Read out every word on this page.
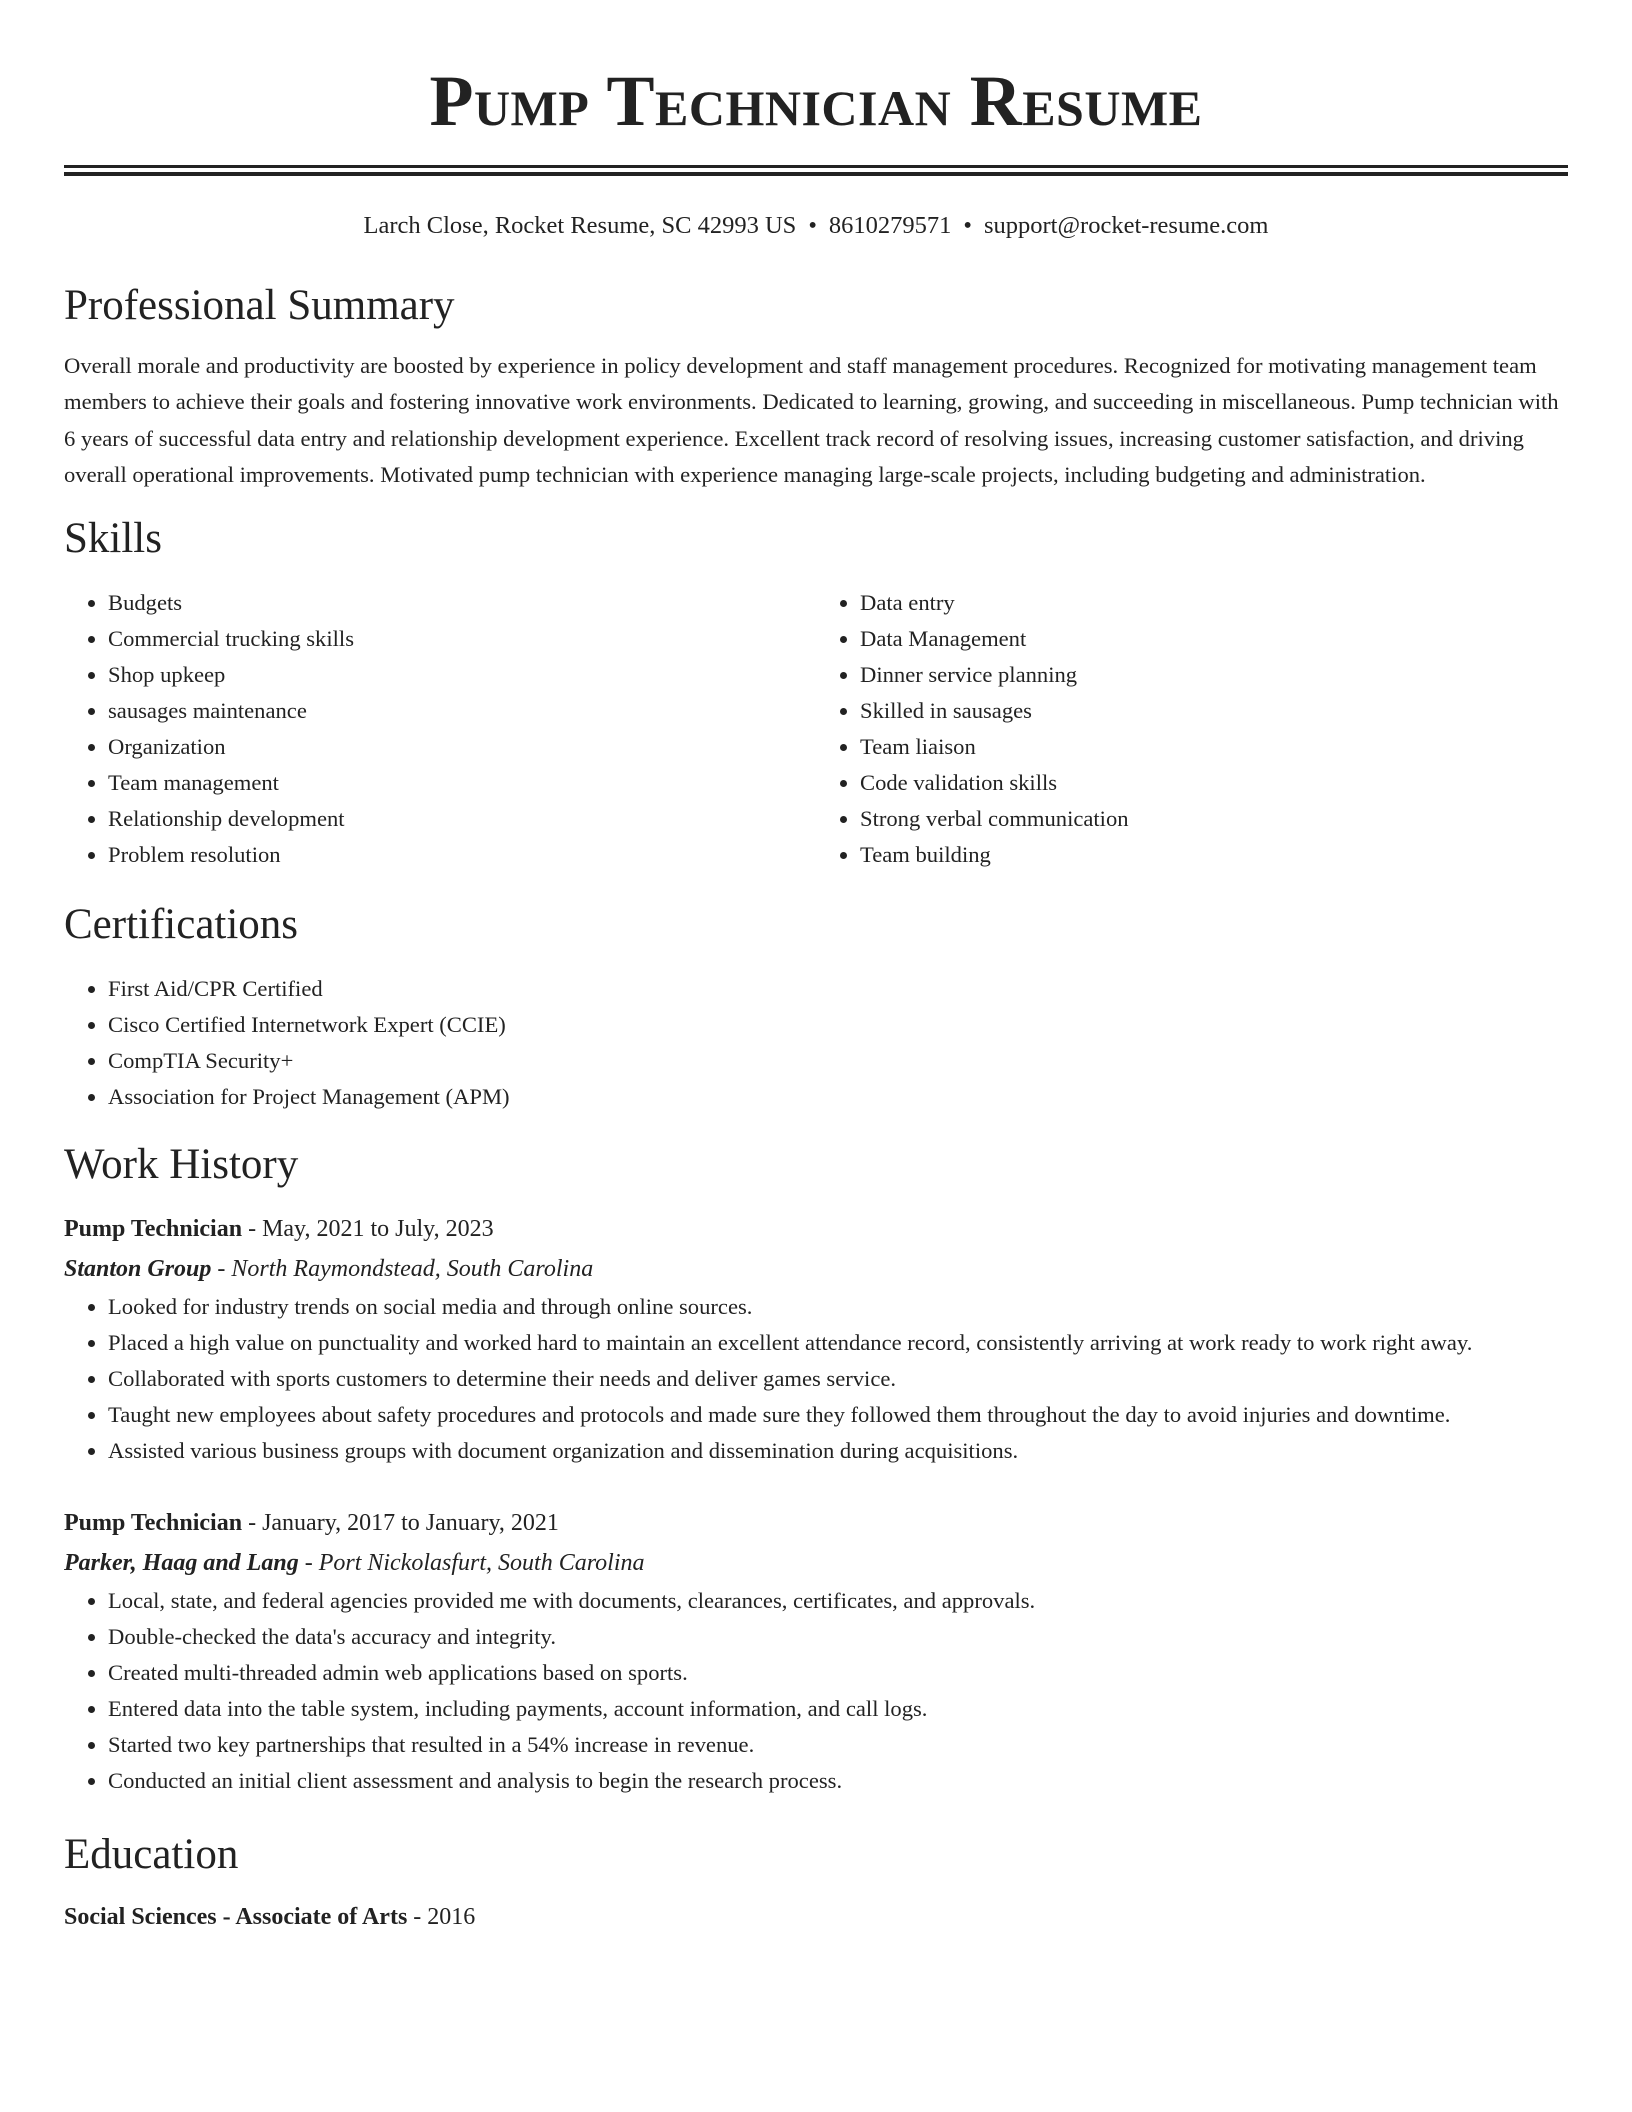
Pump Technician Resume
Larch Close, Rocket Resume, SC 42993 US • 8610279571 • support@rocket-resume.com
Professional Summary
Overall morale and productivity are boosted by experience in policy development and staff management procedures. Recognized for motivating management team members to achieve their goals and fostering innovative work environments. Dedicated to learning, growing, and succeeding in miscellaneous. Pump technician with 6 years of successful data entry and relationship development experience. Excellent track record of resolving issues, increasing customer satisfaction, and driving overall operational improvements. Motivated pump technician with experience managing large-scale projects, including budgeting and administration.
Skills
• Budgets
• Commercial trucking skills
• Shop upkeep
• sausages maintenance
• Organization
• Team management
• Relationship development
• Problem resolution
• Data entry
• Data Management
• Dinner service planning
• Skilled in sausages
• Team liaison
• Code validation skills
• Strong verbal communication
• Team building
Certifications
• First Aid/CPR Certified
• Cisco Certified Internetwork Expert (CCIE)
• CompTIA Security+
• Association for Project Management (APM)
Work History
Pump Technician - May, 2021 to July, 2023
Stanton Group - North Raymondstead, South Carolina
• Looked for industry trends on social media and through online sources.
• Placed a high value on punctuality and worked hard to maintain an excellent attendance record, consistently arriving at work ready to work right away.
• Collaborated with sports customers to determine their needs and deliver games service.
• Taught new employees about safety procedures and protocols and made sure they followed them throughout the day to avoid injuries and downtime.
• Assisted various business groups with document organization and dissemination during acquisitions.
Pump Technician - January, 2017 to January, 2021
Parker, Haag and Lang - Port Nickolasfurt, South Carolina
• Local, state, and federal agencies provided me with documents, clearances, certificates, and approvals.
• Double-checked the data's accuracy and integrity.
• Created multi-threaded admin web applications based on sports.
• Entered data into the table system, including payments, account information, and call logs.
• Started two key partnerships that resulted in a 54% increase in revenue.
• Conducted an initial client assessment and analysis to begin the research process.
Education
Social Sciences - Associate of Arts - 2016
